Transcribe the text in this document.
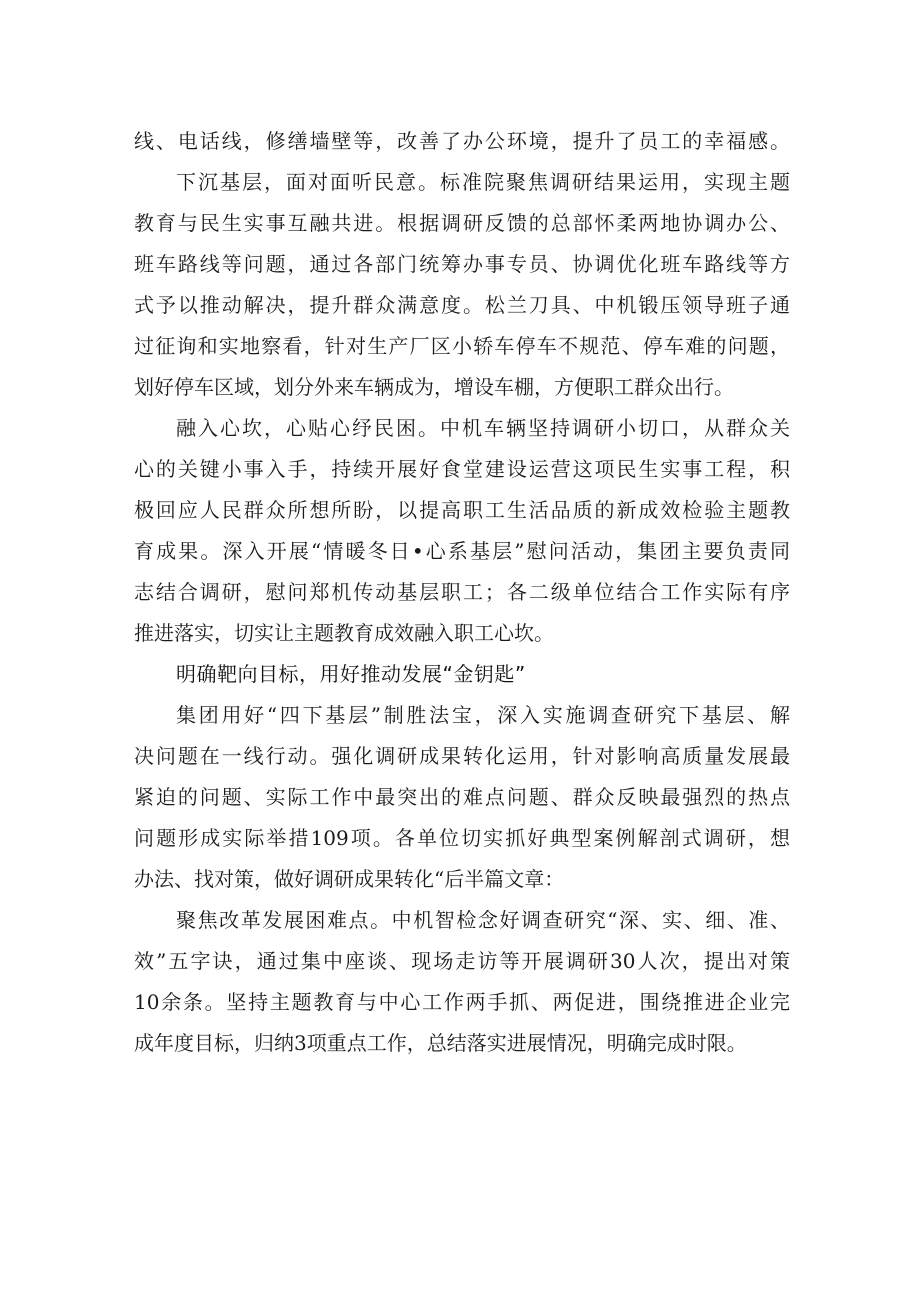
线、电话线，修缮墙壁等，改善了办公环境，提升了员工的幸福感。
下沉基层，面对面听民意。标准院聚焦调研结果运用，实现主题
教育与民生实事互融共进。根据调研反馈的总部怀柔两地协调办公、
班车路线等问题，通过各部门统筹办事专员、协调优化班车路线等方
式予以推动解决，提升群众满意度。松兰刀具、中机锻压领导班子通
过征询和实地察看，针对生产厂区小轿车停车不规范、停车难的问题，
划好停车区域，划分外来车辆成为，增设车棚，方便职工群众出行。
融入心坎，心贴心纾民困。中机车辆坚持调研小切口，从群众关
心的关键小事入手，持续开展好食堂建设运营这项民生实事工程，积
极回应人民群众所想所盼，以提高职工生活品质的新成效检验主题教
育成果。深入开展“情暖冬日•心系基层”慰问活动，集团主要负责同
志结合调研，慰问郑机传动基层职工；各二级单位结合工作实际有序
推进落实，切实让主题教育成效融入职工心坎。
明确靶向目标，用好推动发展“金钥匙”
集团用好“四下基层”制胜法宝，深入实施调查研究下基层、解
决问题在一线行动。强化调研成果转化运用，针对影响高质量发展最
紧迫的问题、实际工作中最突出的难点问题、群众反映最强烈的热点
问题形成实际举措109项。各单位切实抓好典型案例解剖式调研，想
办法、找对策，做好调研成果转化“后半篇文章：
聚焦改革发展困难点。中机智检念好调查研究“深、实、细、准、
效”五字诀，通过集中座谈、现场走访等开展调研30人次，提出对策
10余条。坚持主题教育与中心工作两手抓、两促进，围绕推进企业完
成年度目标，归纳3项重点工作，总结落实进展情况，明确完成时限。
